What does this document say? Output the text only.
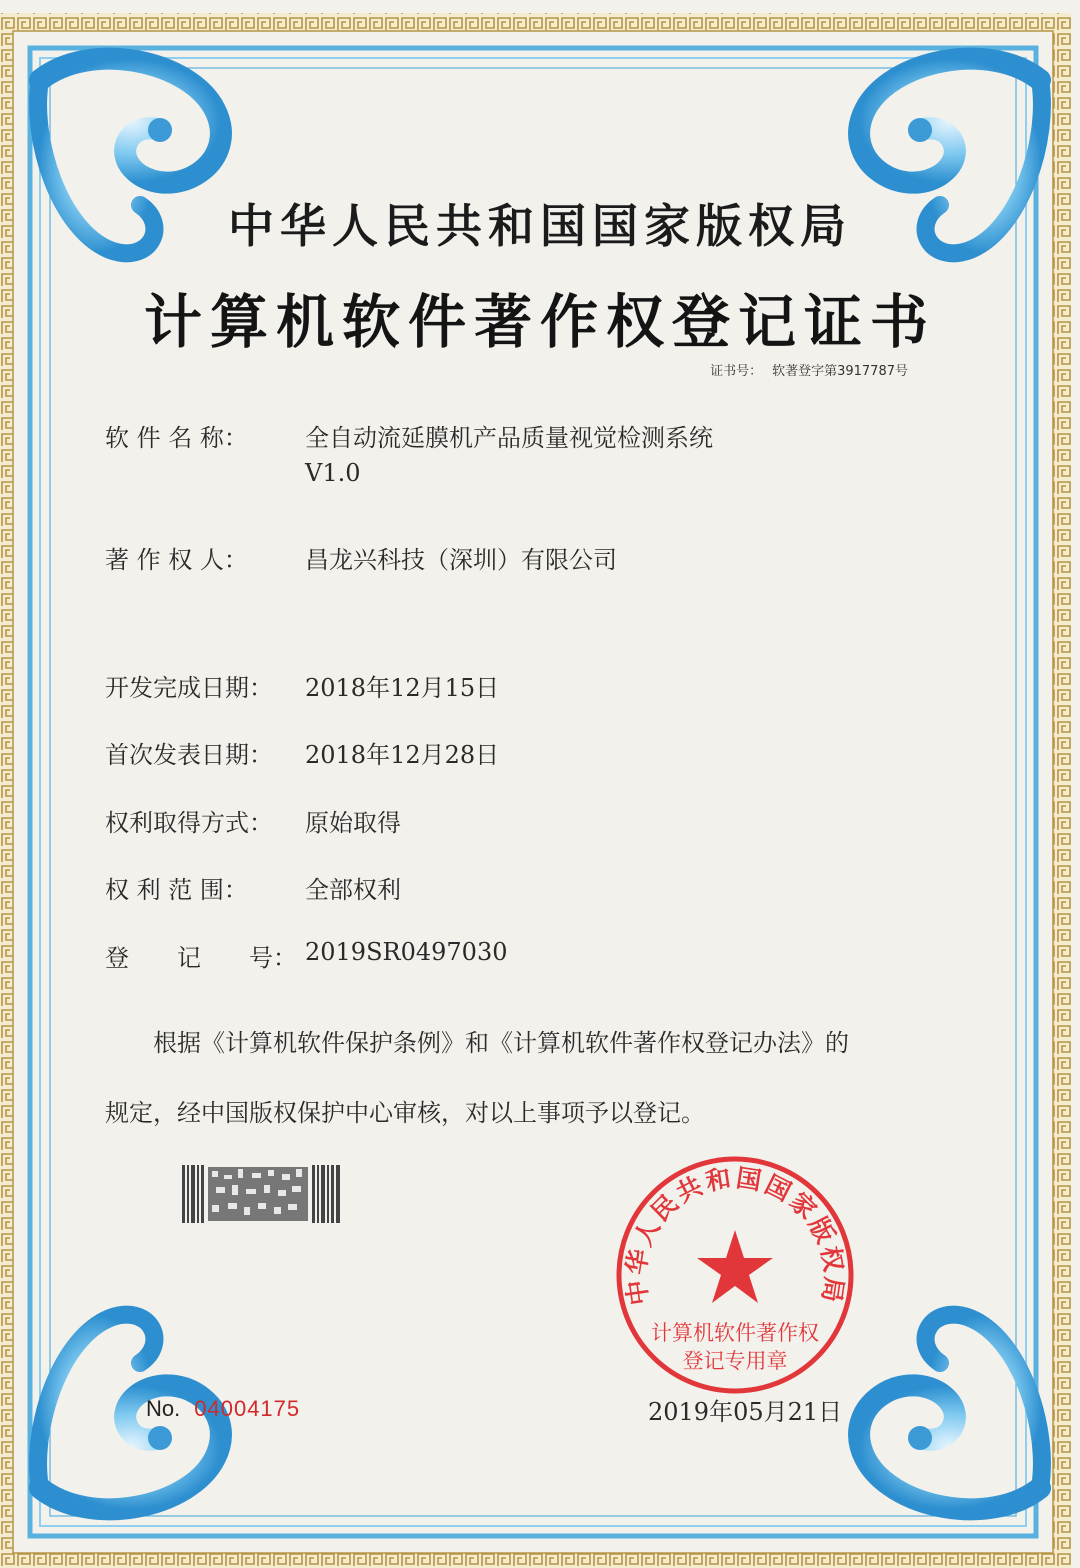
中华人民共和国国家版权局
计算机软件著作权登记证书
证书号： 软著登字第3917787号
软 件 名 称： 全自动流延膜机产品质量视觉检测系统
V1.0
著 作 权 人： 昌龙兴科技（深圳）有限公司
开发完成日期： 2018年12月15日
首次发表日期： 2018年12月28日
权利取得方式： 原始取得
权 利 范 围： 全部权利
登　　记　　号： 2019SR0497030
根据《计算机软件保护条例》和《计算机软件著作权登记办法》的
规定，经中国版权保护中心审核，对以上事项予以登记。
No. 04004175	2019年05月21日
中华人民共和国国家版权局
计算机软件著作权
登记专用章
